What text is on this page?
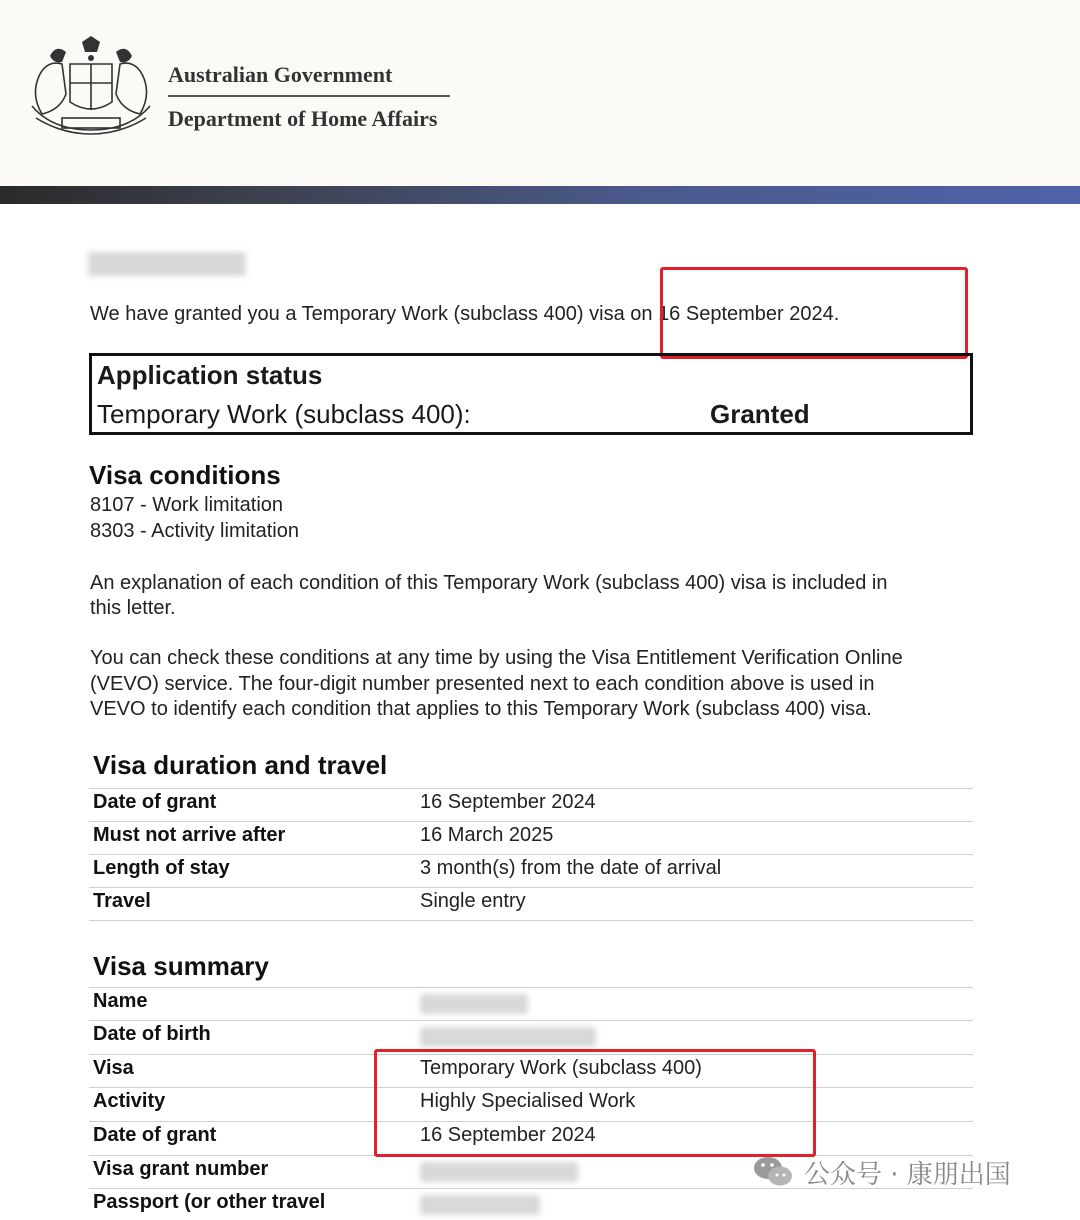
Australian Government
Department of Home Affairs
We have granted you a Temporary Work (subclass 400) visa on 16 September 2024.
Application status
Temporary Work (subclass 400):	Granted
Visa conditions
8107 - Work limitation
8303 - Activity limitation
An explanation of each condition of this Temporary Work (subclass 400) visa is included in
this letter.
You can check these conditions at any time by using the Visa Entitlement Verification Online
(VEVO) service. The four-digit number presented next to each condition above is used in
VEVO to identify each condition that applies to this Temporary Work (subclass 400) visa.
Visa duration and travel
Date of grant	16 September 2024
Must not arrive after	16 March 2025
Length of stay	3 month(s) from the date of arrival
Travel	Single entry
Visa summary
Name
Date of birth
Visa	Temporary Work (subclass 400)
Activity	Highly Specialised Work
Date of grant	16 September 2024
Visa grant number
Passport (or other travel
公众号 · 康朋出国
